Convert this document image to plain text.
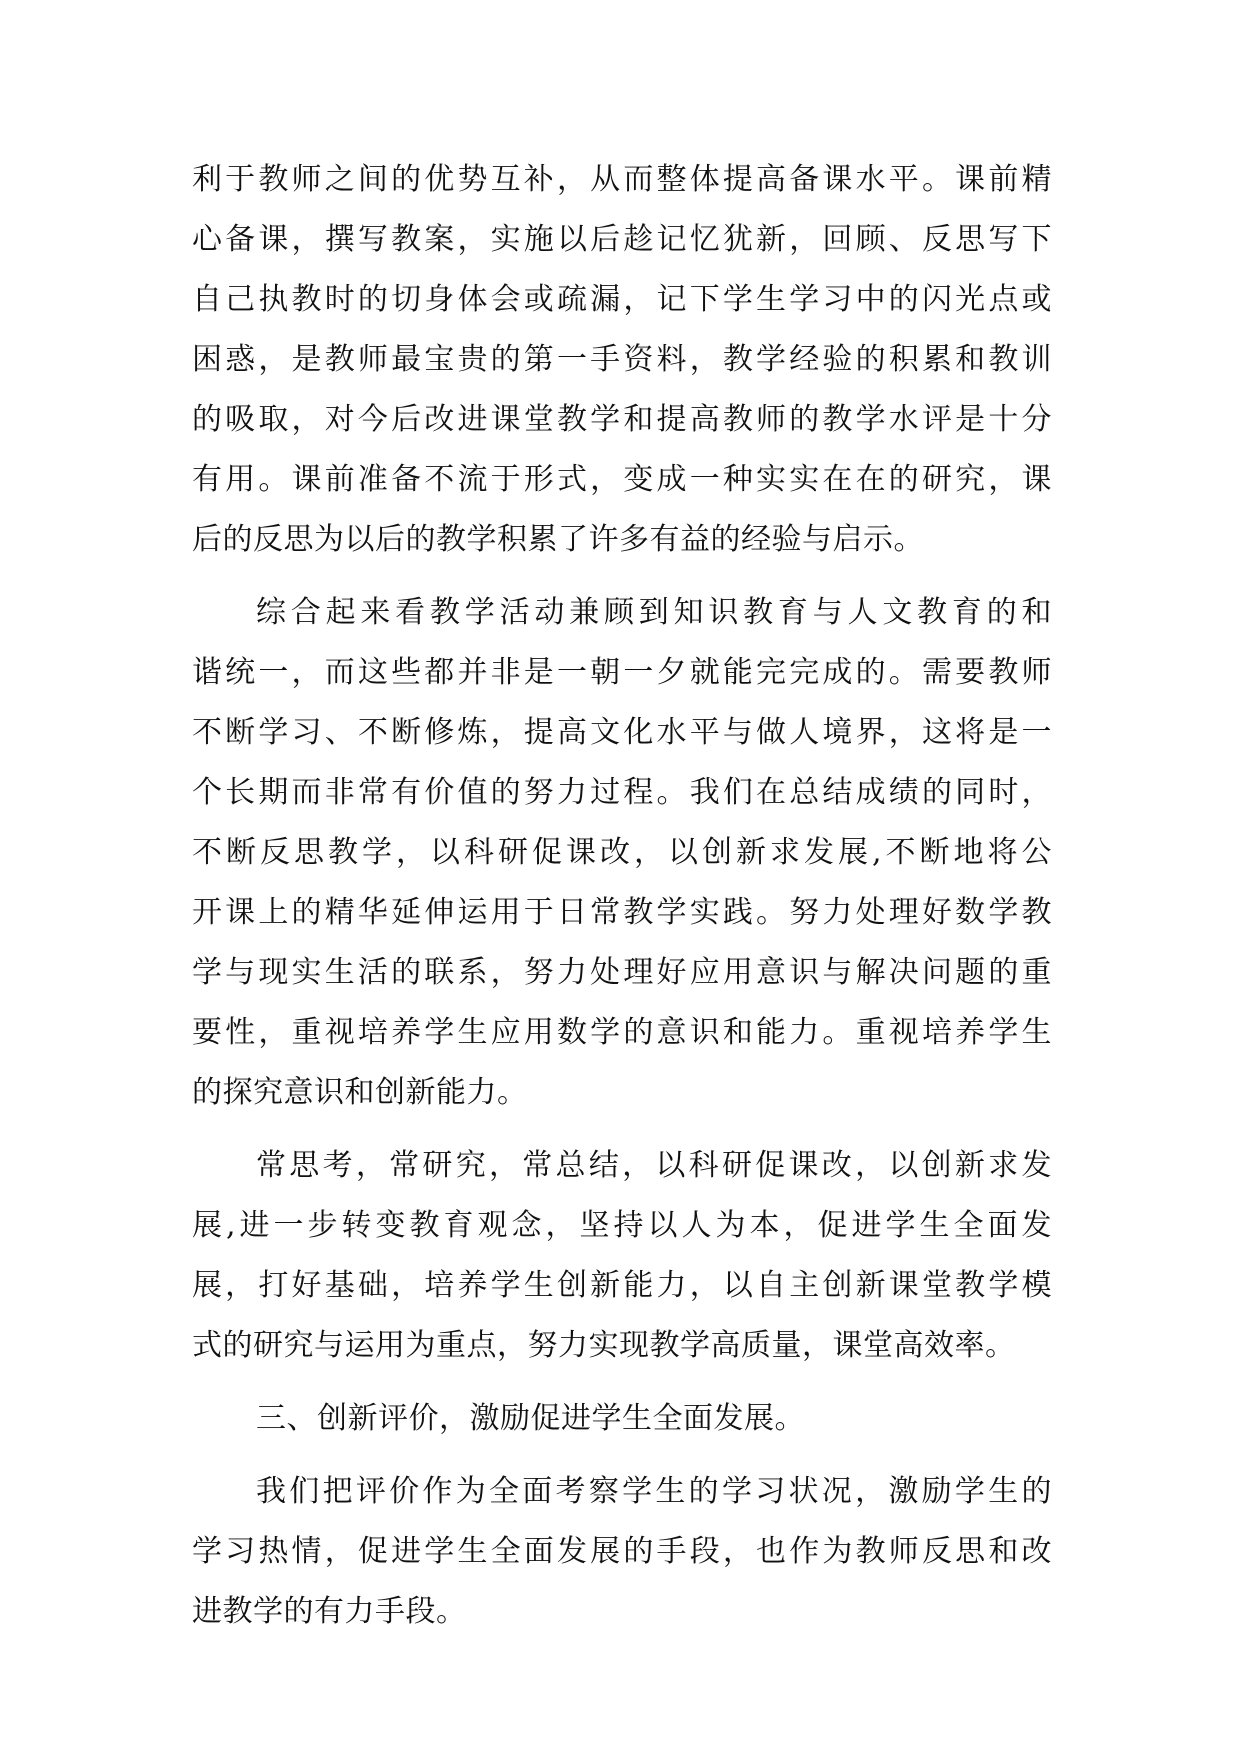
利于教师之间的优势互补，从而整体提高备课水平。课前精
心备课，撰写教案，实施以后趁记忆犹新，回顾、反思写下
自己执教时的切身体会或疏漏，记下学生学习中的闪光点或
困惑，是教师最宝贵的第一手资料，教学经验的积累和教训
的吸取，对今后改进课堂教学和提高教师的教学水评是十分
有用。课前准备不流于形式，变成一种实实在在的研究，课
后的反思为以后的教学积累了许多有益的经验与启示。
综合起来看教学活动兼顾到知识教育与人文教育的和
谐统一，而这些都并非是一朝一夕就能完完成的。需要教师
不断学习、不断修炼，提高文化水平与做人境界，这将是一
个长期而非常有价值的努力过程。我们在总结成绩的同时，
不断反思教学，以科研促课改，以创新求发展,不断地将公
开课上的精华延伸运用于日常教学实践。努力处理好数学教
学与现实生活的联系，努力处理好应用意识与解决问题的重
要性，重视培养学生应用数学的意识和能力。重视培养学生
的探究意识和创新能力。
常思考，常研究，常总结，以科研促课改，以创新求发
展,进一步转变教育观念，坚持以人为本，促进学生全面发
展，打好基础，培养学生创新能力，以自主创新课堂教学模
式的研究与运用为重点，努力实现教学高质量，课堂高效率。
三、创新评价，激励促进学生全面发展。
我们把评价作为全面考察学生的学习状况，激励学生的
学习热情，促进学生全面发展的手段，也作为教师反思和改
进教学的有力手段。
